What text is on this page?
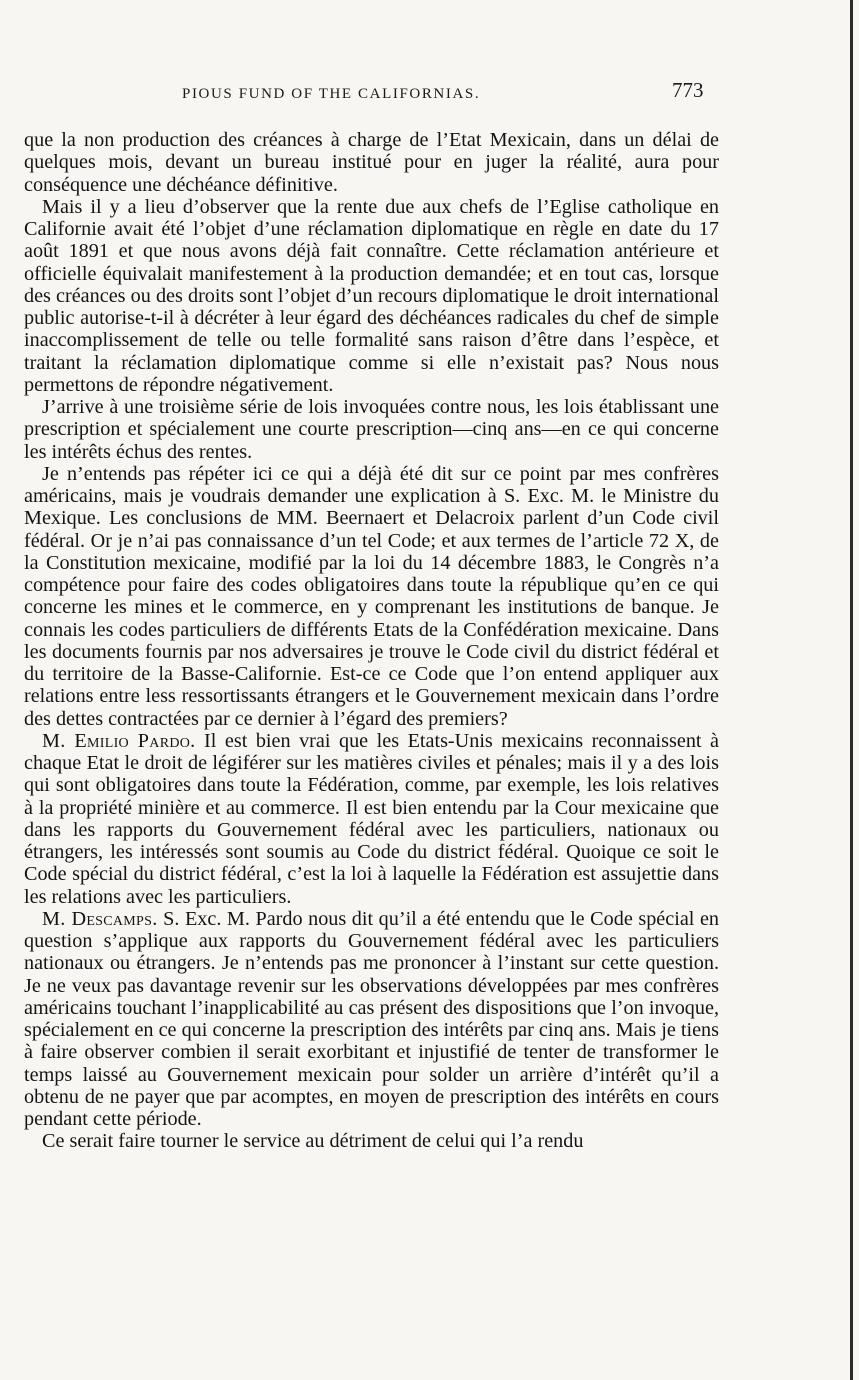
PIOUS FUND OF THE CALIFORNIAS.	773

que la non production des créances à charge de l’Etat Mexicain, dans un délai de quelques mois, devant un bureau institué pour en juger la réalité, aura pour conséquence une déchéance définitive.

Mais il y a lieu d’observer que la rente due aux chefs de l’Eglise catholique en Californie avait été l’objet d’une réclamation diplomatique en règle en date du 17 août 1891 et que nous avons déjà fait connaître. Cette réclamation antérieure et officielle équivalait manifestement à la production demandée; et en tout cas, lorsque des créances ou des droits sont l’objet d’un recours diplomatique le droit international public autorise-t-il à décréter à leur égard des déchéances radicales du chef de simple inaccomplissement de telle ou telle formalité sans raison d’être dans l’espèce, et traitant la réclamation diplomatique comme si elle n’existait pas? Nous nous permettons de répondre négativement.

J’arrive à une troisième série de lois invoquées contre nous, les lois établissant une prescription et spécialement une courte prescription—cinq ans—en ce qui concerne les intérêts échus des rentes.

Je n’entends pas répéter ici ce qui a déjà été dit sur ce point par mes confrères américains, mais je voudrais demander une explication à S. Exc. M. le Ministre du Mexique. Les conclusions de MM. Beernaert et Delacroix parlent d’un Code civil fédéral. Or je n’ai pas connaissance d’un tel Code; et aux termes de l’article 72 X, de la Constitution mexicaine, modifié par la loi du 14 décembre 1883, le Congrès n’a compétence pour faire des codes obligatoires dans toute la république qu’en ce qui concerne les mines et le commerce, en y comprenant les institutions de banque. Je connais les codes particuliers de différents Etats de la Confédération mexicaine. Dans les documents fournis par nos adversaires je trouve le Code civil du district fédéral et du territoire de la Basse-Californie. Est-ce ce Code que l’on entend appliquer aux relations entre less ressortissants étrangers et le Gouvernement mexicain dans l’ordre des dettes contractées par ce dernier à l’égard des premiers?

M. Emilio Pardo. Il est bien vrai que les Etats-Unis mexicains reconnaissent à chaque Etat le droit de légiférer sur les matières civiles et pénales; mais il y a des lois qui sont obligatoires dans toute la Fédération, comme, par exemple, les lois relatives à la propriété minière et au commerce. Il est bien entendu par la Cour mexicaine que dans les rapports du Gouvernement fédéral avec les particuliers, nationaux ou étrangers, les intéressés sont soumis au Code du district fédéral. Quoique ce soit le Code spécial du district fédéral, c’est la loi à laquelle la Fédération est assujettie dans les relations avec les particuliers.

M. Descamps. S. Exc. M. Pardo nous dit qu’il a été entendu que le Code spécial en question s’applique aux rapports du Gouvernement fédéral avec les particuliers nationaux ou étrangers. Je n’entends pas me prononcer à l’instant sur cette question. Je ne veux pas davantage revenir sur les observations développées par mes confrères américains touchant l’inapplicabilité au cas présent des dispositions que l’on invoque, spécialement en ce qui concerne la prescription des intérêts par cinq ans. Mais je tiens à faire observer combien il serait exorbitant et injustifié de tenter de transformer le temps laissé au Gouvernement mexicain pour solder un arrière d’intérêt qu’il a obtenu de ne payer que par acomptes, en moyen de prescription des intérêts en cours pendant cette période.

Ce serait faire tourner le service au détriment de celui qui l’a rendu
